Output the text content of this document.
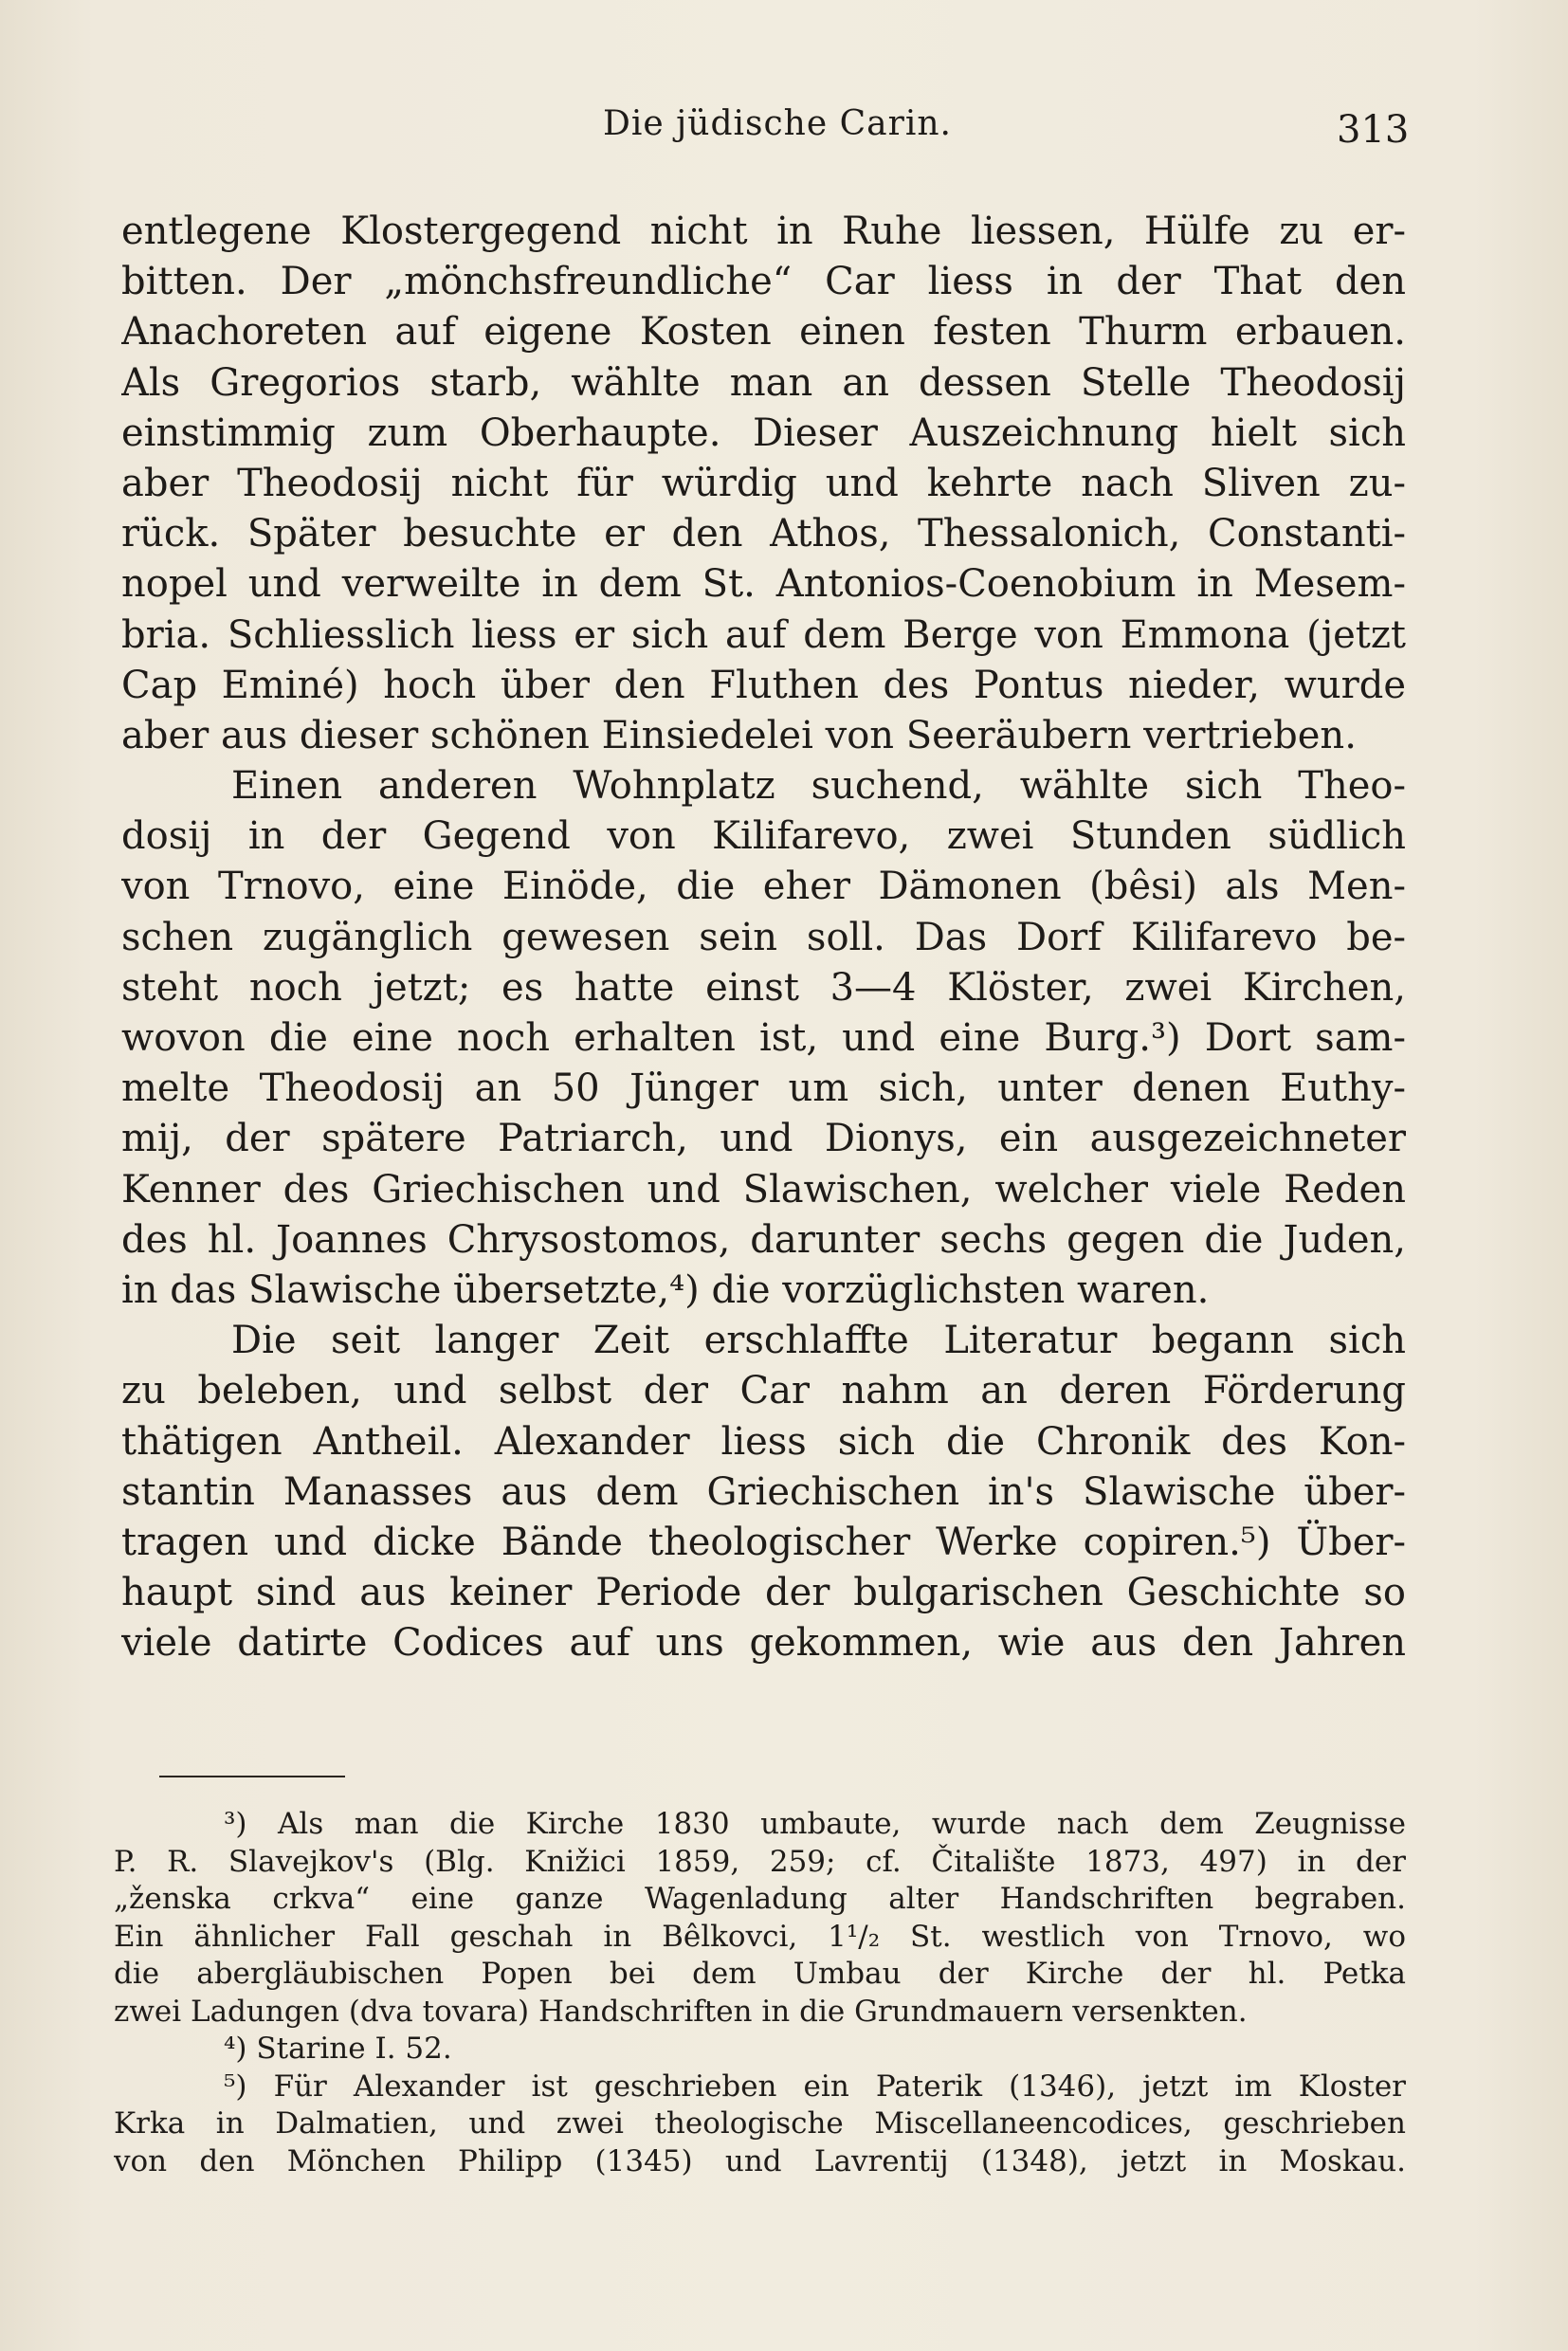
Die jüdische Carin.	313
entlegene Klostergegend nicht in Ruhe liessen, Hülfe zu er-
bitten. Der „mönchsfreundliche“ Car liess in der That den
Anachoreten auf eigene Kosten einen festen Thurm erbauen.
Als Gregorios starb, wählte man an dessen Stelle Theodosij
einstimmig zum Oberhaupte. Dieser Auszeichnung hielt sich
aber Theodosij nicht für würdig und kehrte nach Sliven zu-
rück. Später besuchte er den Athos, Thessalonich, Constanti-
nopel und verweilte in dem St. Antonios-Coenobium in Mesem-
bria. Schliesslich liess er sich auf dem Berge von Emmona (jetzt
Cap Eminé) hoch über den Fluthen des Pontus nieder, wurde
aber aus dieser schönen Einsiedelei von Seeräubern vertrieben.
Einen anderen Wohnplatz suchend, wählte sich Theo-
dosij in der Gegend von Kilifarevo, zwei Stunden südlich
von Trnovo, eine Einöde, die eher Dämonen (bêsi) als Men-
schen zugänglich gewesen sein soll. Das Dorf Kilifarevo be-
steht noch jetzt; es hatte einst 3—4 Klöster, zwei Kirchen,
wovon die eine noch erhalten ist, und eine Burg.³) Dort sam-
melte Theodosij an 50 Jünger um sich, unter denen Euthy-
mij, der spätere Patriarch, und Dionys, ein ausgezeichneter
Kenner des Griechischen und Slawischen, welcher viele Reden
des hl. Joannes Chrysostomos, darunter sechs gegen die Juden,
in das Slawische übersetzte,⁴) die vorzüglichsten waren.
Die seit langer Zeit erschlaffte Literatur begann sich
zu beleben, und selbst der Car nahm an deren Förderung
thätigen Antheil. Alexander liess sich die Chronik des Kon-
stantin Manasses aus dem Griechischen in's Slawische über-
tragen und dicke Bände theologischer Werke copiren.⁵) Über-
haupt sind aus keiner Periode der bulgarischen Geschichte so
viele datirte Codices auf uns gekommen, wie aus den Jahren
³) Als man die Kirche 1830 umbaute, wurde nach dem Zeugnisse
P. R. Slavejkov's (Blg. Knižici 1859, 259; cf. Čitalište 1873, 497) in der
„ženska crkva“ eine ganze Wagenladung alter Handschriften begraben.
Ein ähnlicher Fall geschah in Bêlkovci, 1¹/₂ St. westlich von Trnovo, wo
die abergläubischen Popen bei dem Umbau der Kirche der hl. Petka
zwei Ladungen (dva tovara) Handschriften in die Grundmauern versenkten.
⁴) Starine I. 52.
⁵) Für Alexander ist geschrieben ein Paterik (1346), jetzt im Kloster
Krka in Dalmatien, und zwei theologische Miscellaneencodices, geschrieben
von den Mönchen Philipp (1345) und Lavrentij (1348), jetzt in Moskau.
